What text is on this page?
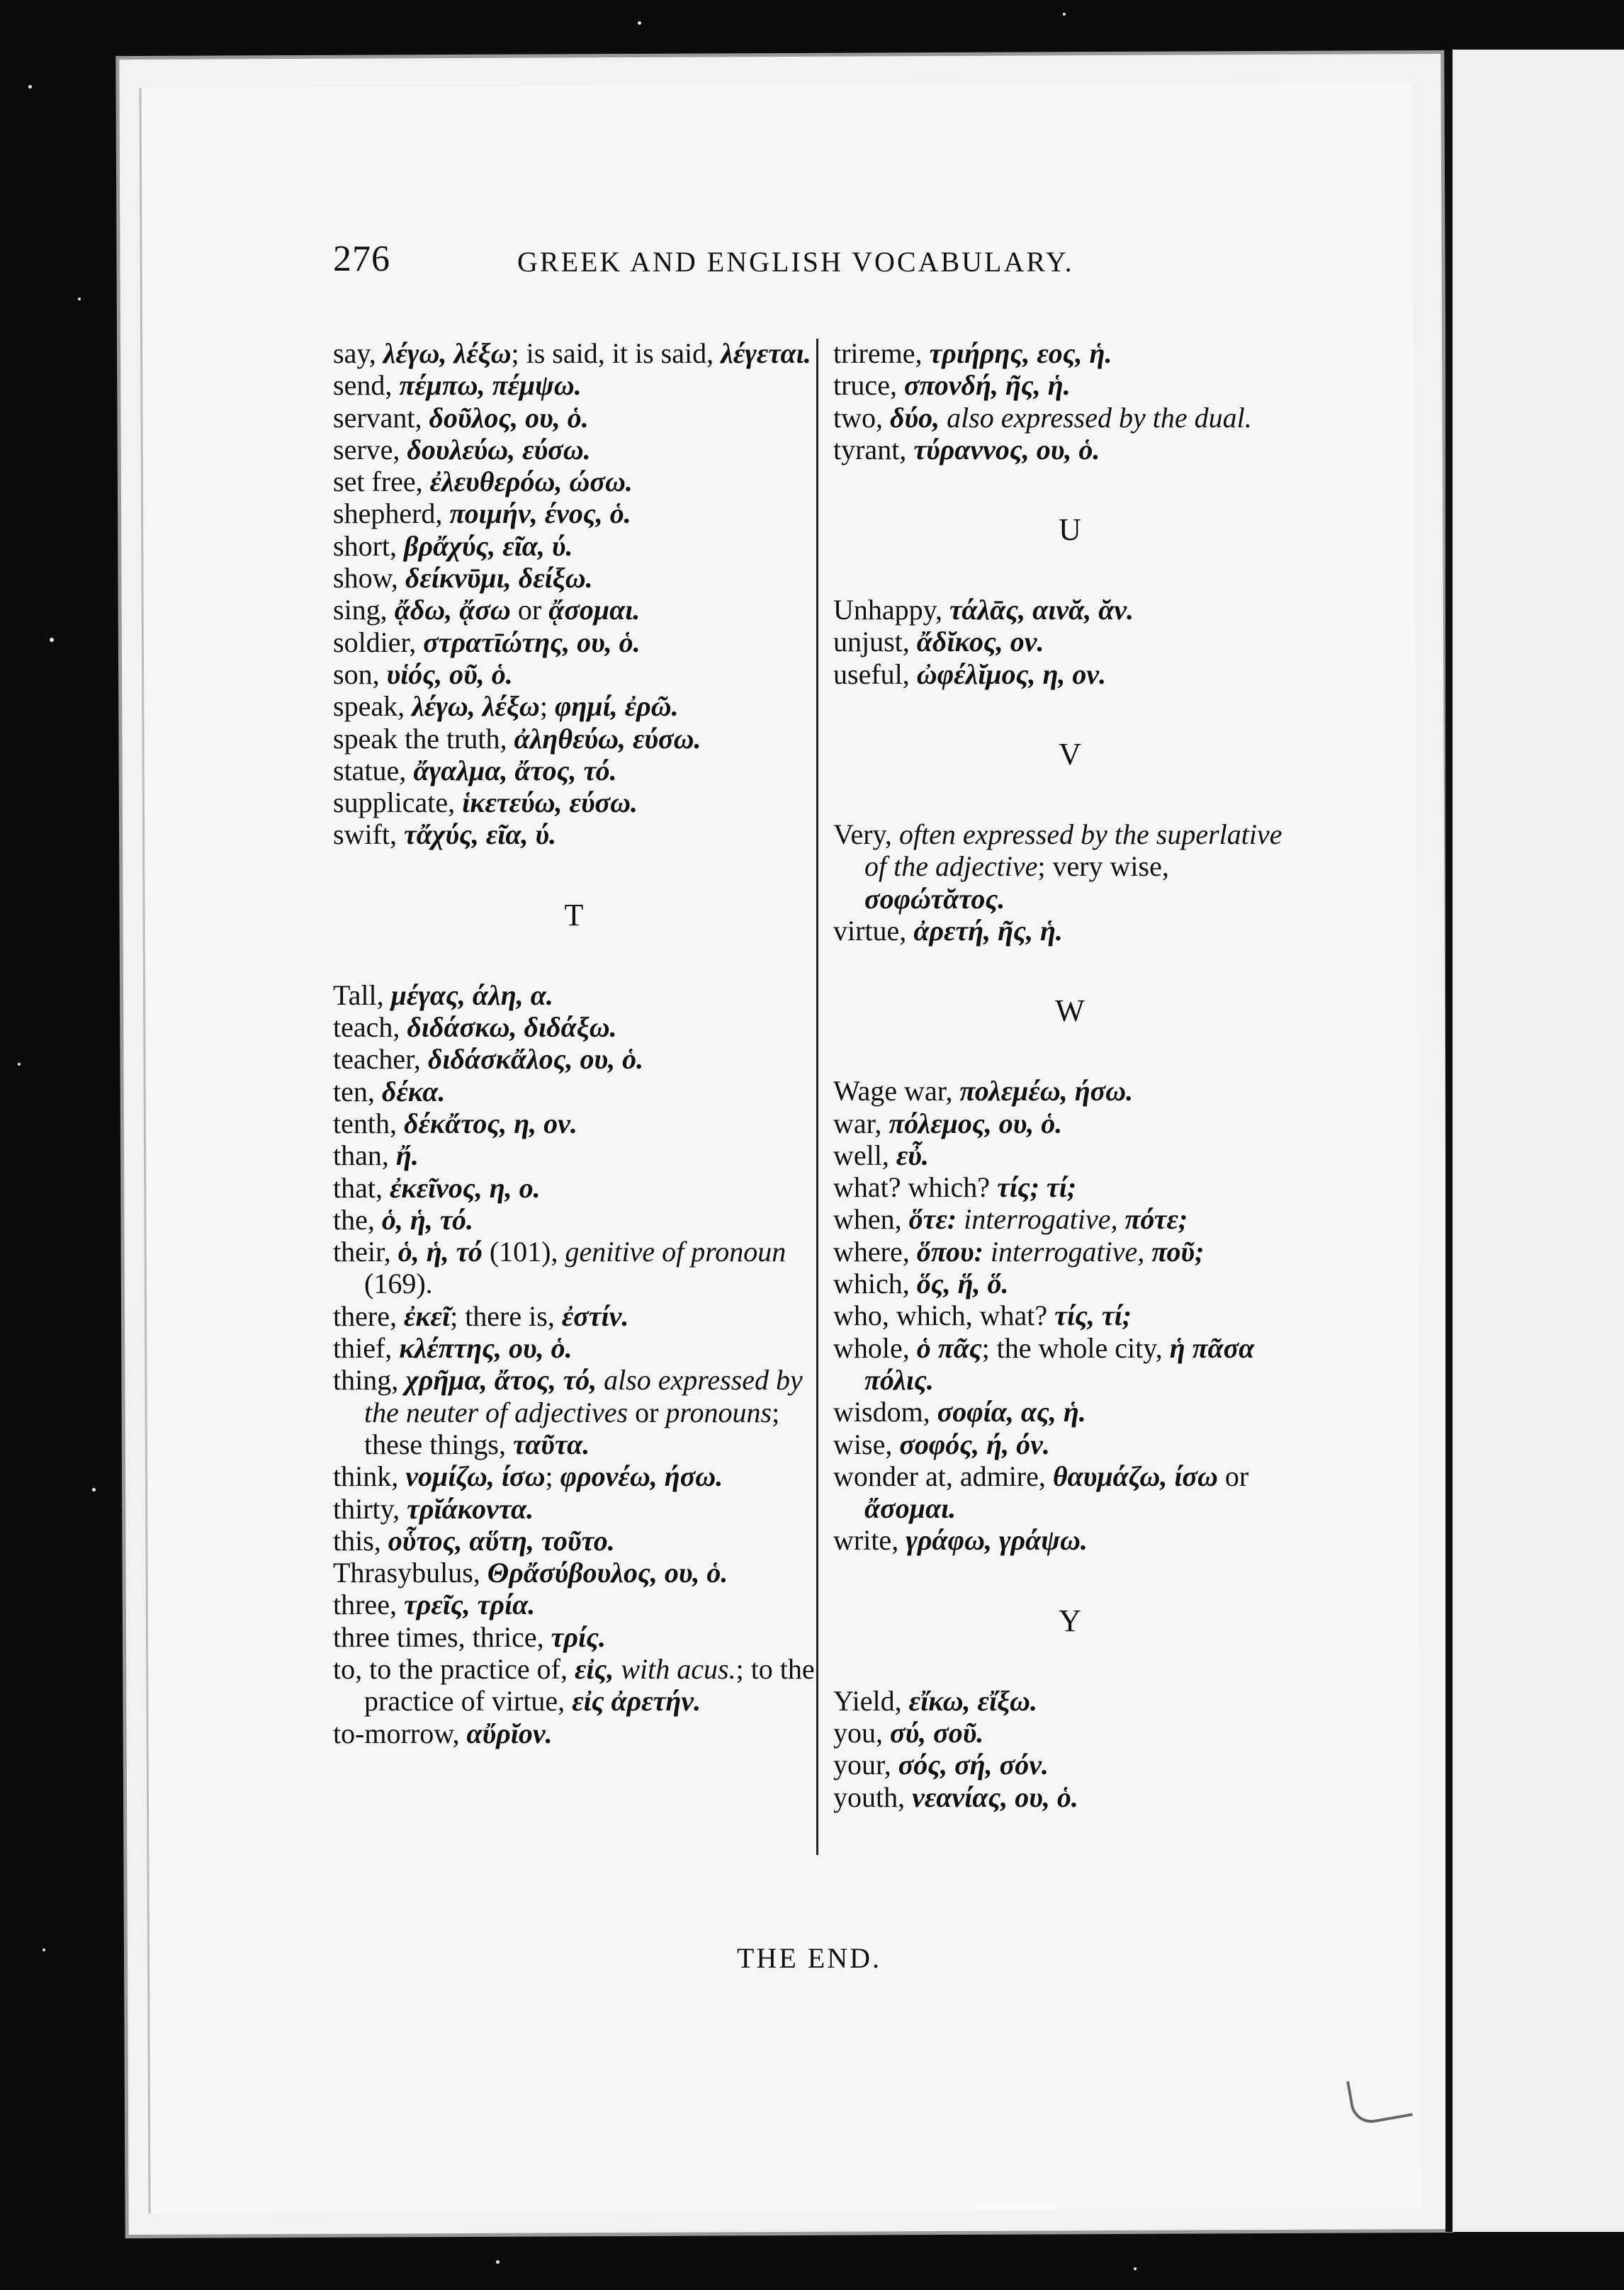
276	GREEK AND ENGLISH VOCABULARY.

say, λέγω, λέξω; is said, it is said, λέγεται.

send, πέμπω, πέμψω.

servant, δοῦλος, ου, ὁ.

serve, δουλεύω, εύσω.

set free, ἐλευθερόω, ώσω.

shepherd, ποιμήν, ένος, ὁ.

short, βρἄχύς, εῖα, ύ.

show, δείκνῡμι, δείξω.

sing, ᾄδω, ᾄσω or ᾄσομαι.

soldier, στρατῑώτης, ου, ὁ.

son, υἱός, οῦ, ὁ.

speak, λέγω, λέξω; φημί, ἐρῶ.

speak the truth, ἀληθεύω, εύσω.

statue, ἄγαλμα, ἄτος, τό.

supplicate, ἱκετεύω, εύσω.

swift, τἄχύς, εῖα, ύ.

T

Tall, μέγας, άλη, α.

teach, διδάσκω, διδάξω.

teacher, διδάσκἄλος, ου, ὁ.

ten, δέκα.

tenth, δέκἄτος, η, ον.

than, ἤ.

that, ἐκεῖνος, η, ο.

the, ὁ, ἡ, τό.

their, ὁ, ἡ, τό (101), genitive of pronoun (169).

there, ἐκεῖ; there is, ἐστίν.

thief, κλέπτης, ου, ὁ.

thing, χρῆμα, ἄτος, τό, also expressed by the neuter of adjectives or pronouns; these things, ταῦτα.

think, νομίζω, ίσω; φρονέω, ήσω.

thirty, τρῐάκοντα.

this, οὗτος, αὕτη, τοῦτο.

Thrasybulus, Θρἄσύβουλος, ου, ὁ.

three, τρεῖς, τρία.

three times, thrice, τρίς.

to, to the practice of, εἰς, with acus.; to the practice of virtue, εἰς ἀρετήν.

to-morrow, αὔρῐον.

trireme, τριήρης, εος, ἡ.

truce, σπονδή, ῆς, ἡ.

two, δύο, also expressed by the dual.

tyrant, τύραννος, ου, ὁ.

U

Unhappy, τάλᾱς, αινᾰ, ᾰν.

unjust, ἄδῐκος, ον.

useful, ὠφέλῐμος, η, ον.

V

Very, often expressed by the superlative of the adjective; very wise, σοφώτᾰτος.

virtue, ἀρετή, ῆς, ἡ.

W

Wage war, πολεμέω, ήσω.

war, πόλεμος, ου, ὁ.

well, εὖ.

what? which? τίς; τί;

when, ὅτε: interrogative, πότε;

where, ὅπου: interrogative, ποῦ;

which, ὅς, ἥ, ὅ.

who, which, what? τίς, τί;

whole, ὁ πᾶς; the whole city, ἡ πᾶσα πόλις.

wisdom, σοφία, ας, ἡ.

wise, σοφός, ή, όν.

wonder at, admire, θαυμάζω, ίσω or ἄσομαι.

write, γράφω, γράψω.

Y

Yield, εἴκω, εἴξω.

you, σύ, σοῦ.

your, σός, σή, σόν.

youth, νεανίας, ου, ὁ.

THE END.
